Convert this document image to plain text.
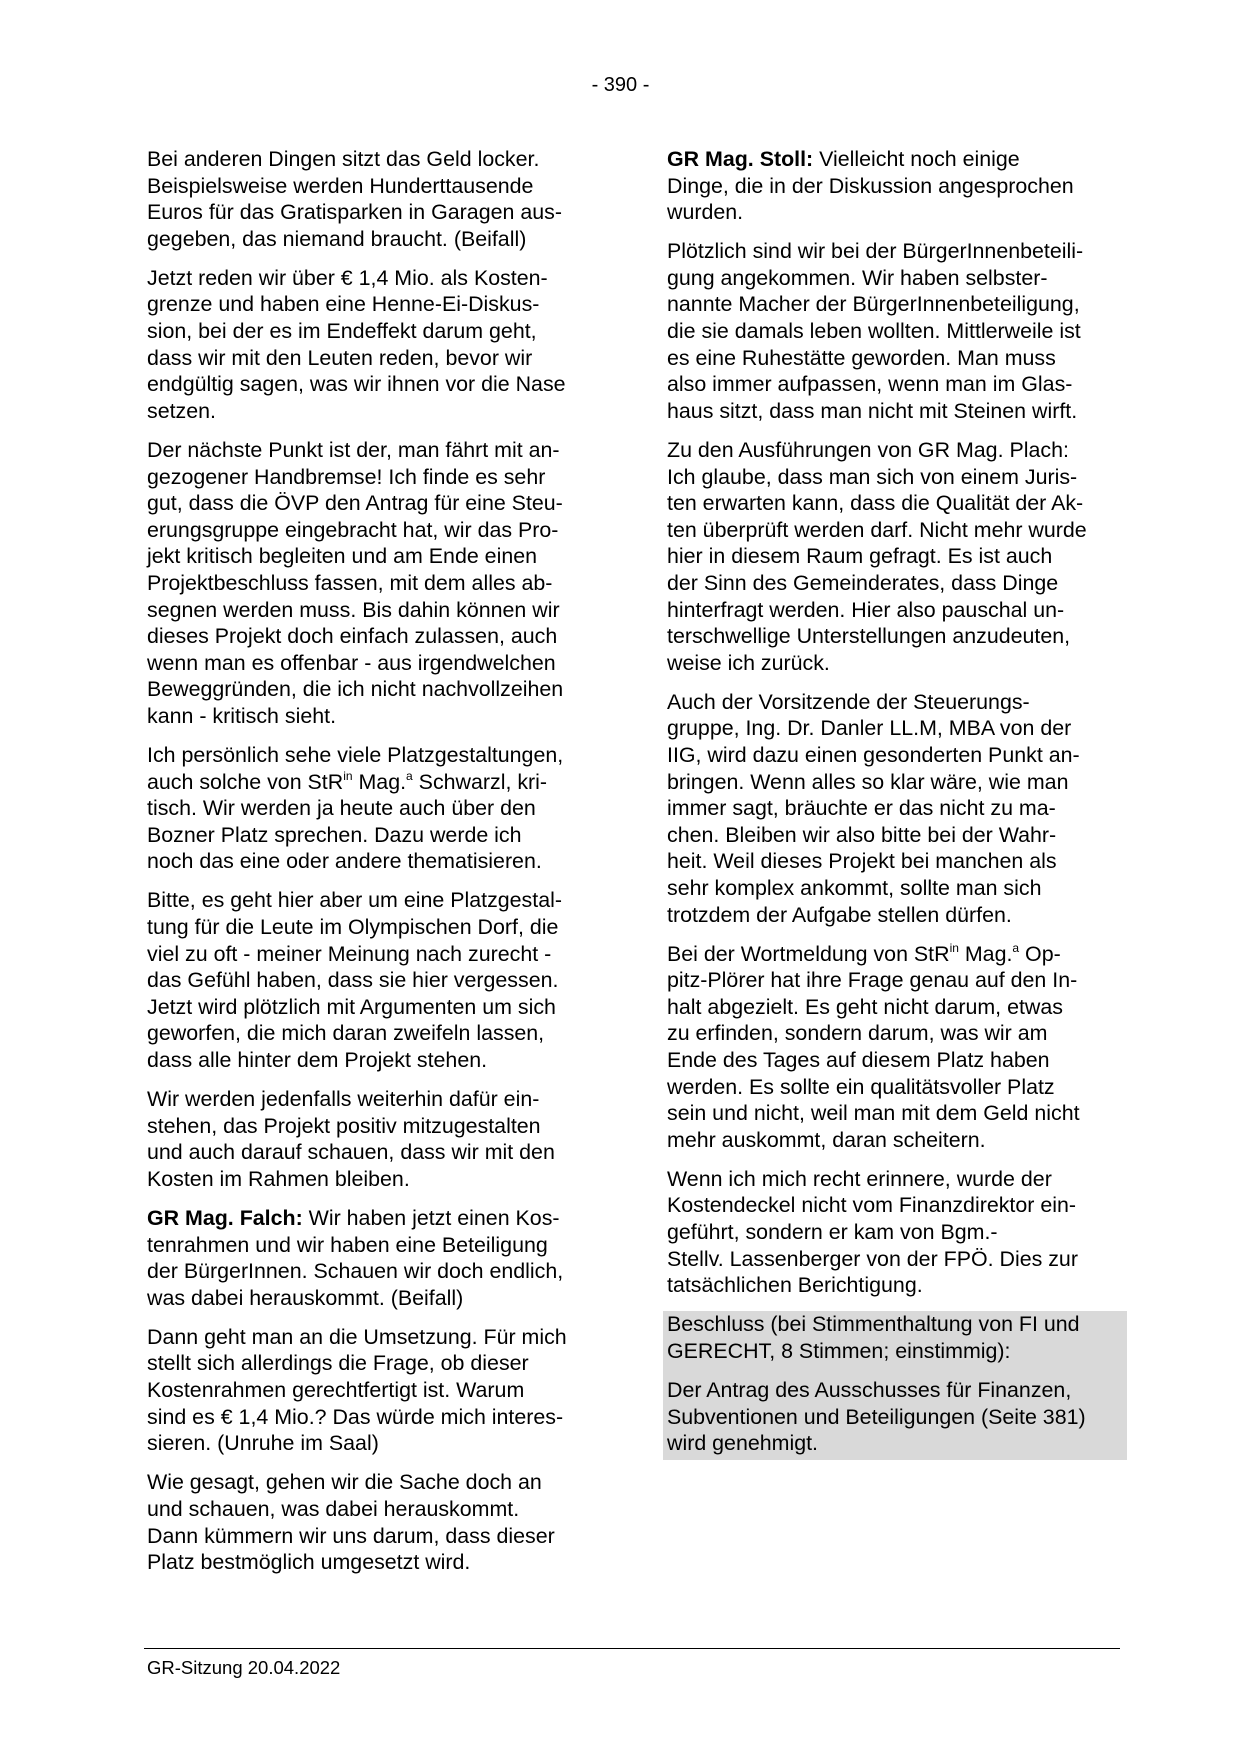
- 390 -

Bei anderen Dingen sitzt das Geld locker.
Beispielsweise werden Hunderttausende
Euros für das Gratisparken in Garagen aus-
gegeben, das niemand braucht. (Beifall)

Jetzt reden wir über € 1,4 Mio. als Kosten-
grenze und haben eine Henne-Ei-Diskus-
sion, bei der es im Endeffekt darum geht,
dass wir mit den Leuten reden, bevor wir
endgültig sagen, was wir ihnen vor die Nase
setzen.

Der nächste Punkt ist der, man fährt mit an-
gezogener Handbremse! Ich finde es sehr
gut, dass die ÖVP den Antrag für eine Steu-
erungsgruppe eingebracht hat, wir das Pro-
jekt kritisch begleiten und am Ende einen
Projektbeschluss fassen, mit dem alles ab-
segnen werden muss. Bis dahin können wir
dieses Projekt doch einfach zulassen, auch
wenn man es offenbar - aus irgendwelchen
Beweggründen, die ich nicht nachvollzeihen
kann - kritisch sieht.

Ich persönlich sehe viele Platzgestaltungen,
auch solche von StR$^{in}$ Mag.$^a$ Schwarzl, kri-
tisch. Wir werden ja heute auch über den
Bozner Platz sprechen. Dazu werde ich
noch das eine oder andere thematisieren.

Bitte, es geht hier aber um eine Platzgestal-
tung für die Leute im Olympischen Dorf, die
viel zu oft - meiner Meinung nach zurecht -
das Gefühl haben, dass sie hier vergessen.
Jetzt wird plötzlich mit Argumenten um sich
geworfen, die mich daran zweifeln lassen,
dass alle hinter dem Projekt stehen.

Wir werden jedenfalls weiterhin dafür ein-
stehen, das Projekt positiv mitzugestalten
und auch darauf schauen, dass wir mit den
Kosten im Rahmen bleiben.

GR Mag. Falch: Wir haben jetzt einen Kos-
tenrahmen und wir haben eine Beteiligung
der BürgerInnen. Schauen wir doch endlich,
was dabei herauskommt. (Beifall)

Dann geht man an die Umsetzung. Für mich
stellt sich allerdings die Frage, ob dieser
Kostenrahmen gerechtfertigt ist. Warum
sind es € 1,4 Mio.? Das würde mich interes-
sieren. (Unruhe im Saal)

Wie gesagt, gehen wir die Sache doch an
und schauen, was dabei herauskommt.
Dann kümmern wir uns darum, dass dieser
Platz bestmöglich umgesetzt wird.

GR Mag. Stoll: Vielleicht noch einige
Dinge, die in der Diskussion angesprochen
wurden.

Plötzlich sind wir bei der BürgerInnenbeteili-
gung angekommen. Wir haben selbster-
nannte Macher der BürgerInnenbeteiligung,
die sie damals leben wollten. Mittlerweile ist
es eine Ruhestätte geworden. Man muss
also immer aufpassen, wenn man im Glas-
haus sitzt, dass man nicht mit Steinen wirft.

Zu den Ausführungen von GR Mag. Plach:
Ich glaube, dass man sich von einem Juris-
ten erwarten kann, dass die Qualität der Ak-
ten überprüft werden darf. Nicht mehr wurde
hier in diesem Raum gefragt. Es ist auch
der Sinn des Gemeinderates, dass Dinge
hinterfragt werden. Hier also pauschal un-
terschwellige Unterstellungen anzudeuten,
weise ich zurück.

Auch der Vorsitzende der Steuerungs-
gruppe, Ing. Dr. Danler LL.M, MBA von der
IIG, wird dazu einen gesonderten Punkt an-
bringen. Wenn alles so klar wäre, wie man
immer sagt, bräuchte er das nicht zu ma-
chen. Bleiben wir also bitte bei der Wahr-
heit. Weil dieses Projekt bei manchen als
sehr komplex ankommt, sollte man sich
trotzdem der Aufgabe stellen dürfen.

Bei der Wortmeldung von StR$^{in}$ Mag.$^a$ Op-
pitz-Plörer hat ihre Frage genau auf den In-
halt abgezielt. Es geht nicht darum, etwas
zu erfinden, sondern darum, was wir am
Ende des Tages auf diesem Platz haben
werden. Es sollte ein qualitätsvoller Platz
sein und nicht, weil man mit dem Geld nicht
mehr auskommt, daran scheitern.

Wenn ich mich recht erinnere, wurde der
Kostendeckel nicht vom Finanzdirektor ein-
geführt, sondern er kam von Bgm.-
Stellv. Lassenberger von der FPÖ. Dies zur
tatsächlichen Berichtigung.

Beschluss (bei Stimmenthaltung von FI und
GERECHT, 8 Stimmen; einstimmig):

Der Antrag des Ausschusses für Finanzen,
Subventionen und Beteiligungen (Seite 381)
wird genehmigt.

GR-Sitzung 20.04.2022
